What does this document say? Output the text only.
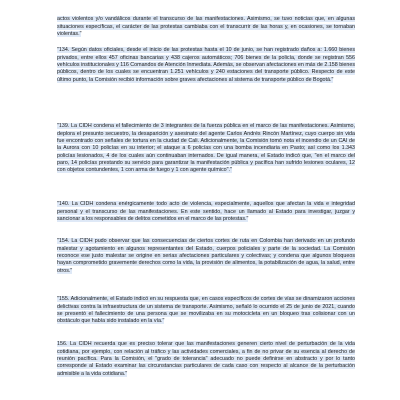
actos violentos y/o vandálicos durante el transcurso de las manifestaciones. Asimismo, se tuvo noticias que, en algunas situaciones específicas, el carácter de las protestas cambiaba con el transcurrir de las horas y, en ocasiones, se tornaban violentas."

"134. Según datos oficiales, desde el inicio de las protestas hasta el 10 de junio, se han registrado daños a: 1.660 bienes privados, entre ellos 457 oficinas bancarias y 438 cajeros automáticos; 706 bienes de la policía, donde se registran 556 vehículos institucionales y 116 Comandos de Atención Inmediata. Además, se observan afectaciones en más de 2.158 bienes públicos, dentro de los cuales se encuentran 1.251 vehículos y 240 estaciones del transporte público. Respecto de este último punto, la Comisión recibió información sobre graves afectaciones al sistema de transporte público de Bogotá."

"139. La CIDH condena el fallecimiento de 3 integrantes de la fuerza pública en el marco de las manifestaciones. Asimismo, deplora el presunto secuestro, la desaparición y asesinato del agente Carlos Andrés Rincón Martínez, cuyo cuerpo sin vida fue encontrado con señales de tortura en la ciudad de Cali. Adicionalmente, la Comisión tomó nota el incendio de un CAI de la Aurora con 10 policías en su interior; el ataque a 6 policías con una bomba incendiaria en Pasto; así como los 1.343 policías lesionados, 4 de los cuales aún continuaban internados. De igual manera, el Estado indicó que, "en el marco del paro, 14 policías prestando su servicio para garantizar la manifestación pública y pacífica han sufrido lesiones oculares, 12 con objetos contundentes, 1 con arma de fuego y 1 con agente químico"."

"140. La CIDH condena enérgicamente todo acto de violencia, especialmente, aquellos que afectan la vida e integridad personal y el transcurso de las manifestaciones. En este sentido, hace un llamado al Estado para investigar, juzgar y sancionar a los responsables de delitos cometidos en el marco de las protestas."

"154. La CIDH pudo observar que las consecuencias de ciertos cortes de ruta en Colombia han derivado en un profundo malestar y agotamiento en algunos representantes del Estado, cuerpos policiales y parte de la sociedad. La Comisión reconoce ese justo malestar se origine en serias afectaciones particulares y colectivas; y condena que algunos bloqueos hayan comprometido gravemente derechos como la vida, la provisión de alimentos, la potabilización de agua, la salud, entre otros."

"155. Adicionalmente, el Estado indicó en su respuesta que, en casos específicos de cortes de vías se dinamizaron acciones delictivas contra la infraestructura de un sistema de transporte. Asimismo, señaló lo ocurrido el 25 de junio de 2021, cuando se presentó el fallecimiento de una persona que se movilizaba en su motocicleta en un bloqueo tras colisionar con un obstáculo que había sido instalado en la vía."

156. La CIDH recuerda que es preciso tolerar que las manifestaciones generen cierto nivel de perturbación de la vida cotidiana, por ejemplo, con relación al tráfico y las actividades comerciales, a fin de no privar de su esencia al derecho de reunión pacífica. Para la Comisión, el "grado de tolerancia" adecuado no puede definirse en abstracto y por lo tanto corresponde al Estado examinar las circunstancias particulares de cada caso con respecto al alcance de la perturbación admisible a la vida cotidiana."
